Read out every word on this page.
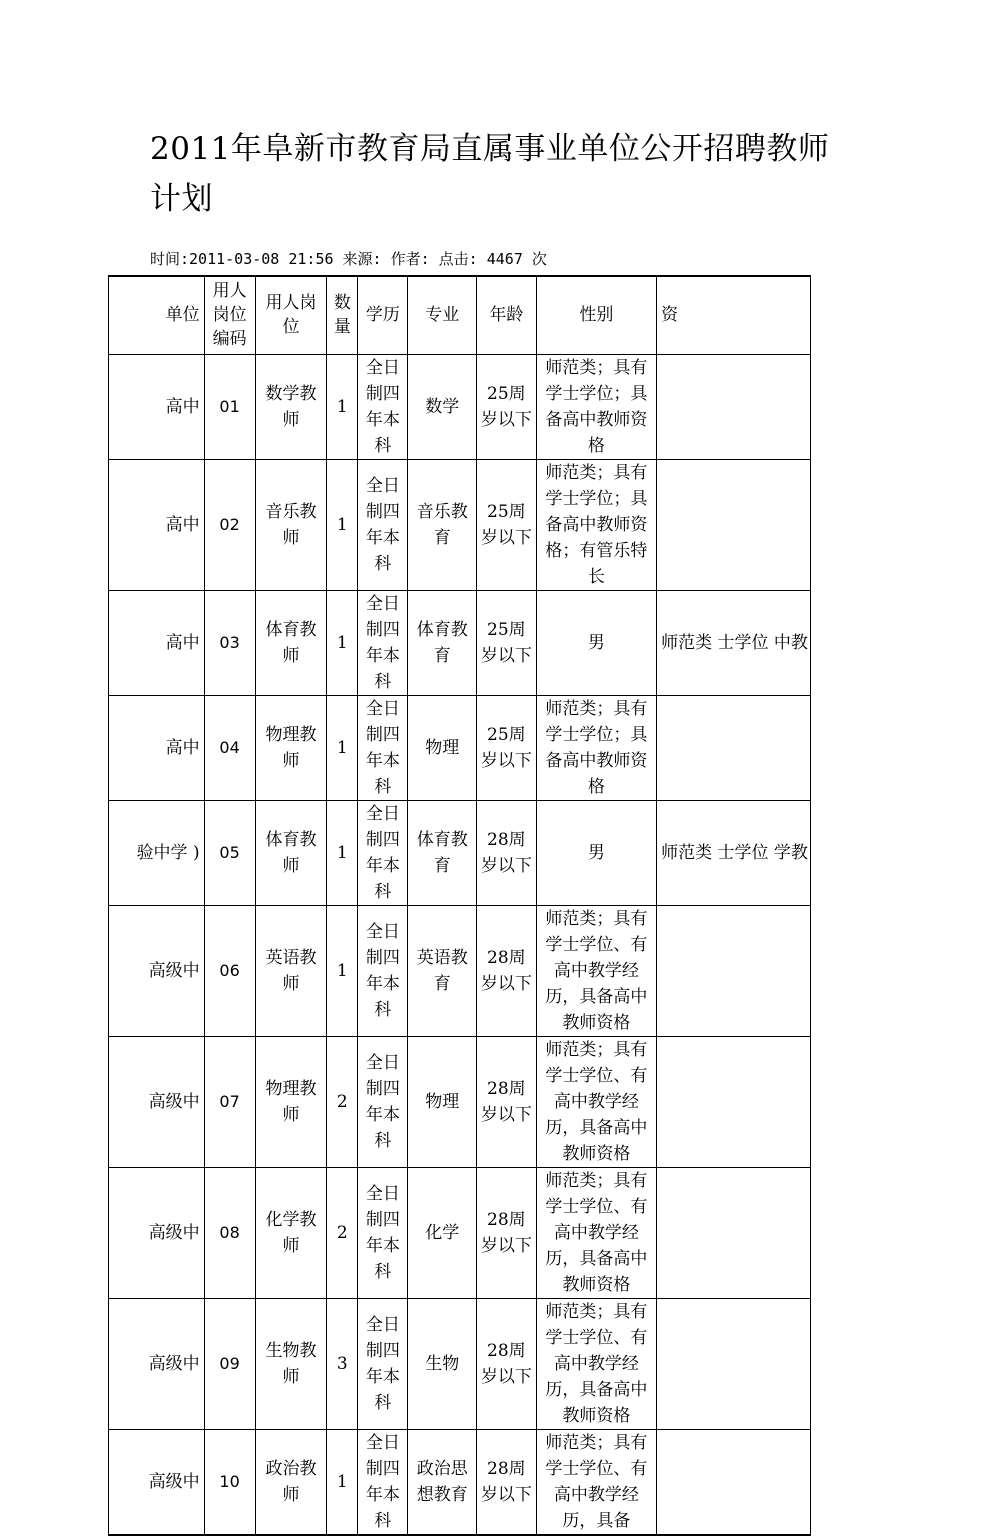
2011年阜新市教育局直属事业单位公开招聘教师计划
时间:2011-03-08 21:56 来源: 作者: 点击: 4467 次
单位	用人岗位编码	用人岗位	数量	学历	专业	年龄	性别	资
高中	01	数学教师	1	全日制四年本科	数学	25周岁以下	师范类；具有学士学位；具备高中教师资格	
高中	02	音乐教师	1	全日制四年本科	音乐教育	25周岁以下	师范类；具有学士学位；具备高中教师资格；有管乐特长	
高中	03	体育教师	1	全日制四年本科	体育教育	25周岁以下	男	师范类 士学位 中教
高中	04	物理教师	1	全日制四年本科	物理	25周岁以下	师范类；具有学士学位；具备高中教师资格	
验中学 )	05	体育教师	1	全日制四年本科	体育教育	28周岁以下	男	师范类 士学位 学教
高级中	06	英语教师	1	全日制四年本科	英语教育	28周岁以下	师范类；具有学士学位、有高中教学经历，具备高中教师资格	
高级中	07	物理教师	2	全日制四年本科	物理	28周岁以下	师范类；具有学士学位、有高中教学经历，具备高中教师资格	
高级中	08	化学教师	2	全日制四年本科	化学	28周岁以下	师范类；具有学士学位、有高中教学经历，具备高中教师资格	
高级中	09	生物教师	3	全日制四年本科	生物	28周岁以下	师范类；具有学士学位、有高中教学经历，具备高中教师资格	
高级中	10	政治教师	1	全日制四年本科	政治思想教育	28周岁以下	师范类；具有学士学位、有高中教学经历，具备	
